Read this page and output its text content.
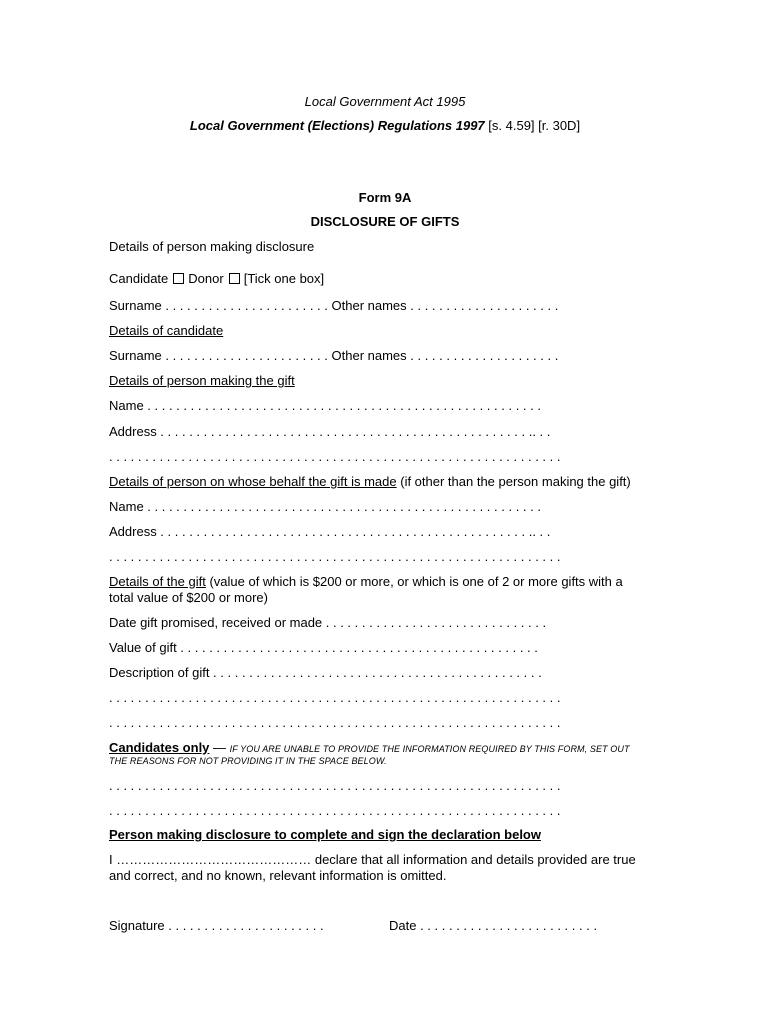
Local Government Act 1995
Local Government (Elections) Regulations 1997 [s. 4.59] [r. 30D]
Form 9A
DISCLOSURE OF GIFTS
Details of person making disclosure
Candidate Donor [Tick one box]
Surname . . . . . . . . . . . . . . . . . . . . . . . Other names . . . . . . . . . . . . . . . . . . . . .
Details of candidate
Surname . . . . . . . . . . . . . . . . . . . . . . . Other names . . . . . . . . . . . . . . . . . . . . .
Details of person making the gift
Name . . . . . . . . . . . . . . . . . . . . . . . . . . . . . . . . . . . . . . . . . . . . . . . . . . . . . . .
Address . . . . . . . . . . . . . . . . . . . . . . . . . . . . . . . . . . . . . . . . . . . . . . . . . . . .. . .
. . . . . . . . . . . . . . . . . . . . . . . . . . . . . . . . . . . . . . . . . . . . . . . . . . . . . . . . . . . . . . .
Details of person on whose behalf the gift is made (if other than the person making the gift)
Name . . . . . . . . . . . . . . . . . . . . . . . . . . . . . . . . . . . . . . . . . . . . . . . . . . . . . . .
Address . . . . . . . . . . . . . . . . . . . . . . . . . . . . . . . . . . . . . . . . . . . . . . . . . . . .. . .
. . . . . . . . . . . . . . . . . . . . . . . . . . . . . . . . . . . . . . . . . . . . . . . . . . . . . . . . . . . . . . .
Details of the gift (value of which is $200 or more, or which is one of 2 or more gifts with a
total value of $200 or more)
Date gift promised, received or made . . . . . . . . . . . . . . . . . . . . . . . . . . . . . . .
Value of gift . . . . . . . . . . . . . . . . . . . . . . . . . . . . . . . . . . . . . . . . . . . . . . . . . .
Description of gift . . . . . . . . . . . . . . . . . . . . . . . . . . . . . . . . . . . . . . . . . . . . . .
. . . . . . . . . . . . . . . . . . . . . . . . . . . . . . . . . . . . . . . . . . . . . . . . . . . . . . . . . . . . . . .
. . . . . . . . . . . . . . . . . . . . . . . . . . . . . . . . . . . . . . . . . . . . . . . . . . . . . . . . . . . . . . .
Candidates only — IF YOU ARE UNABLE TO PROVIDE THE INFORMATION REQUIRED BY THIS FORM, SET OUT
THE REASONS FOR NOT PROVIDING IT IN THE SPACE BELOW.
. . . . . . . . . . . . . . . . . . . . . . . . . . . . . . . . . . . . . . . . . . . . . . . . . . . . . . . . . . . . . . .
. . . . . . . . . . . . . . . . . . . . . . . . . . . . . . . . . . . . . . . . . . . . . . . . . . . . . . . . . . . . . . .
Person making disclosure to complete and sign the declaration below
I ……………………………………… declare that all information and details provided are true
and correct, and no known, relevant information is omitted.
Signature . . . . . . . . . . . . . . . . . . . . . .	Date . . . . . . . . . . . . . . . . . . . . . . . . .
